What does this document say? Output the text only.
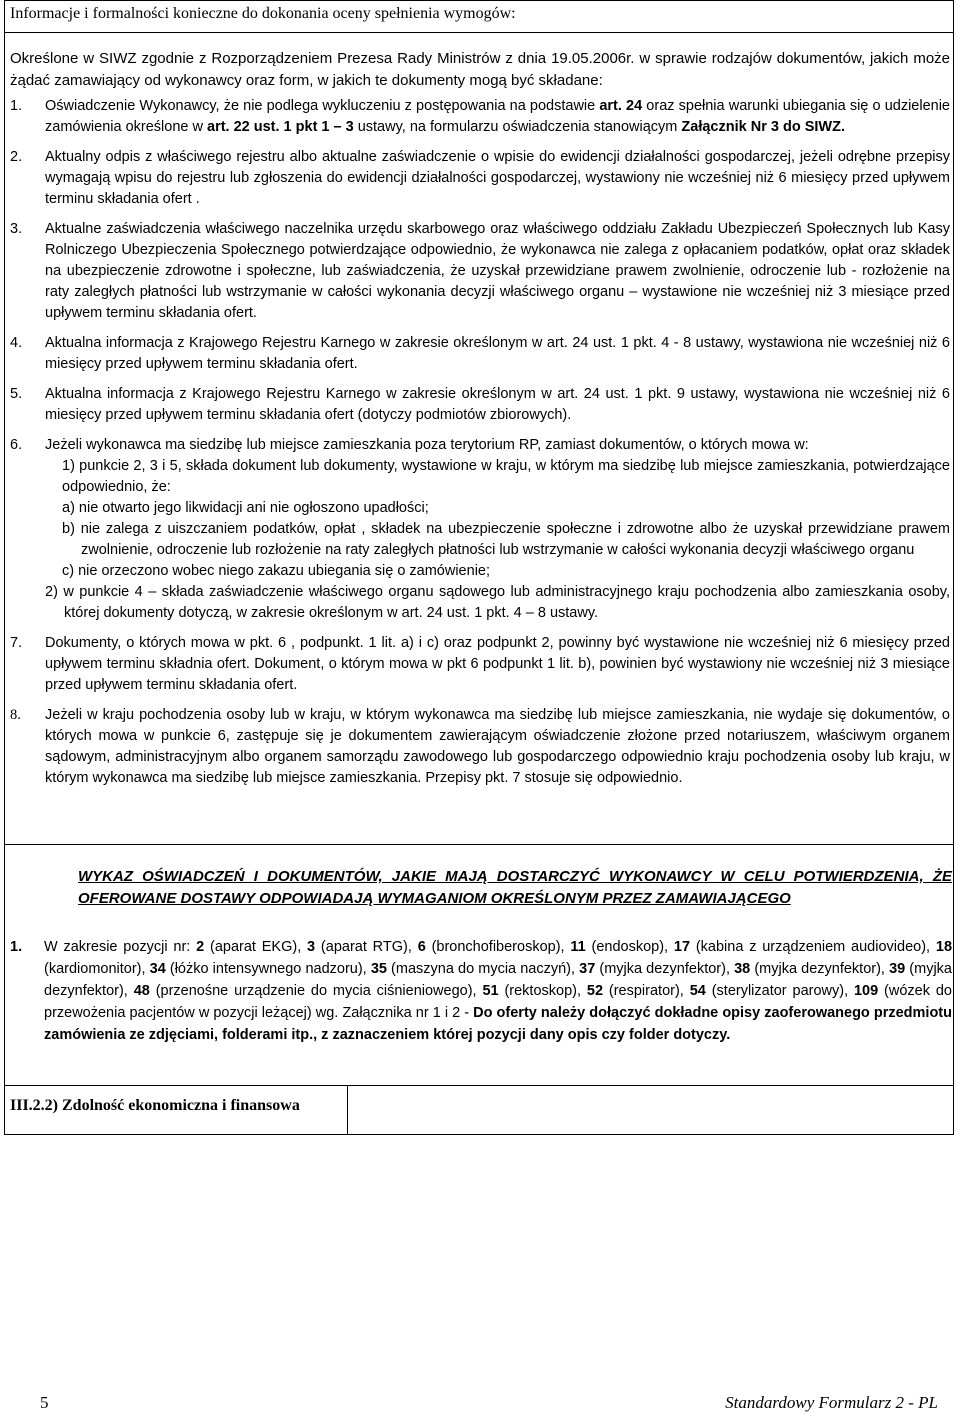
Informacje i formalności konieczne do dokonania oceny spełnienia wymogów:
Określone w SIWZ zgodnie z Rozporządzeniem Prezesa Rady Ministrów z dnia 19.05.2006r. w sprawie rodzajów dokumentów, jakich może żądać zamawiający od wykonawcy oraz form, w jakich te dokumenty mogą być składane:
1. Oświadczenie Wykonawcy, że nie podlega wykluczeniu z postępowania na podstawie art. 24 oraz spełnia warunki ubiegania się o udzielenie zamówienia określone w art. 22 ust. 1 pkt 1 – 3 ustawy, na formularzu oświadczenia stanowiącym Załącznik Nr 3 do SIWZ.
2. Aktualny odpis z właściwego rejestru albo aktualne zaświadczenie o wpisie do ewidencji działalności gospodarczej, jeżeli odrębne przepisy wymagają wpisu do rejestru lub zgłoszenia do ewidencji działalności gospodarczej, wystawiony nie wcześniej niż 6 miesięcy przed upływem terminu składania ofert .
3. Aktualne zaświadczenia właściwego naczelnika urzędu skarbowego oraz właściwego oddziału Zakładu Ubezpieczeń Społecznych lub Kasy Rolniczego Ubezpieczenia Społecznego potwierdzające odpowiednio, że wykonawca nie zalega z opłacaniem podatków, opłat oraz składek na ubezpieczenie zdrowotne i społeczne, lub zaświadczenia, że uzyskał przewidziane prawem zwolnienie, odroczenie lub - rozłożenie na raty zaległych płatności lub wstrzymanie w całości wykonania decyzji właściwego organu – wystawione nie wcześniej niż 3 miesiące przed upływem terminu składania ofert.
4. Aktualna informacja z Krajowego Rejestru Karnego w zakresie określonym w art. 24 ust. 1 pkt. 4 - 8 ustawy, wystawiona nie wcześniej niż 6 miesięcy przed upływem terminu składania ofert.
5. Aktualna informacja z Krajowego Rejestru Karnego w zakresie określonym w art. 24 ust. 1 pkt. 9 ustawy, wystawiona nie wcześniej niż 6 miesięcy przed upływem terminu składania ofert (dotyczy podmiotów zbiorowych).
6. Jeżeli wykonawca ma siedzibę lub miejsce zamieszkania poza terytorium RP, zamiast dokumentów, o których mowa w:
1) punkcie 2, 3 i 5, składa dokument lub dokumenty, wystawione w kraju, w którym ma siedzibę lub miejsce zamieszkania, potwierdzające odpowiednio, że:
a) nie otwarto jego likwidacji ani nie ogłoszono upadłości;
b) nie zalega z uiszczaniem podatków, opłat , składek na ubezpieczenie społeczne i zdrowotne albo że uzyskał przewidziane prawem zwolnienie, odroczenie lub rozłożenie na raty zaległych płatności lub wstrzymanie w całości wykonania decyzji właściwego organu
c) nie orzeczono wobec niego zakazu ubiegania się o zamówienie;
2) w punkcie 4 – składa zaświadczenie właściwego organu sądowego lub administracyjnego kraju pochodzenia albo zamieszkania osoby, której dokumenty dotyczą, w zakresie określonym w art. 24 ust. 1 pkt. 4 – 8 ustawy.
7. Dokumenty, o których mowa w pkt. 6 , podpunkt. 1 lit. a) i c) oraz podpunkt 2, powinny być wystawione nie wcześniej niż 6 miesięcy przed upływem terminu składnia ofert. Dokument, o którym mowa w pkt 6 podpunkt 1 lit. b), powinien być wystawiony nie wcześniej niż 3 miesiące przed upływem terminu składania ofert.
8. Jeżeli w kraju pochodzenia osoby lub w kraju, w którym wykonawca ma siedzibę lub miejsce zamieszkania, nie wydaje się dokumentów, o których mowa w punkcie 6, zastępuje się je dokumentem zawierającym oświadczenie złożone przed notariuszem, właściwym organem sądowym, administracyjnym albo organem samorządu zawodowego lub gospodarczego odpowiednio kraju pochodzenia osoby lub kraju, w którym wykonawca ma siedzibę lub miejsce zamieszkania. Przepisy pkt. 7 stosuje się odpowiednio.
WYKAZ OŚWIADCZEŃ I DOKUMENTÓW, JAKIE MAJĄ DOSTARCZYĆ WYKONAWCY W CELU POTWIERDZENIA, ŻE OFEROWANE DOSTAWY ODPOWIADAJĄ WYMAGANIOM OKREŚLONYM PRZEZ ZAMAWIAJĄCEGO
1.	W zakresie pozycji nr: 2 (aparat EKG), 3 (aparat RTG), 6 (bronchofiberoskop), 11 (endoskop), 17 (kabina z urządzeniem audiovideo), 18 (kardiomonitor), 34 (łóżko intensywnego nadzoru), 35 (maszyna do mycia naczyń), 37 (myjka dezynfektor), 38 (myjka dezynfektor), 39 (myjka dezynfektor), 48 (przenośne urządzenie do mycia ciśnieniowego), 51 (rektoskop), 52 (respirator), 54 (sterylizator parowy), 109 (wózek do przewożenia pacjentów w pozycji leżącej) wg. Załącznika nr 1 i 2 - Do oferty należy dołączyć dokładne opisy zaoferowanego przedmiotu zamówienia ze zdjęciami, folderami itp., z zaznaczeniem której pozycji dany opis czy folder dotyczy.
III.2.2) Zdolność ekonomiczna i finansowa
5	Standardowy Formularz 2 - PL
